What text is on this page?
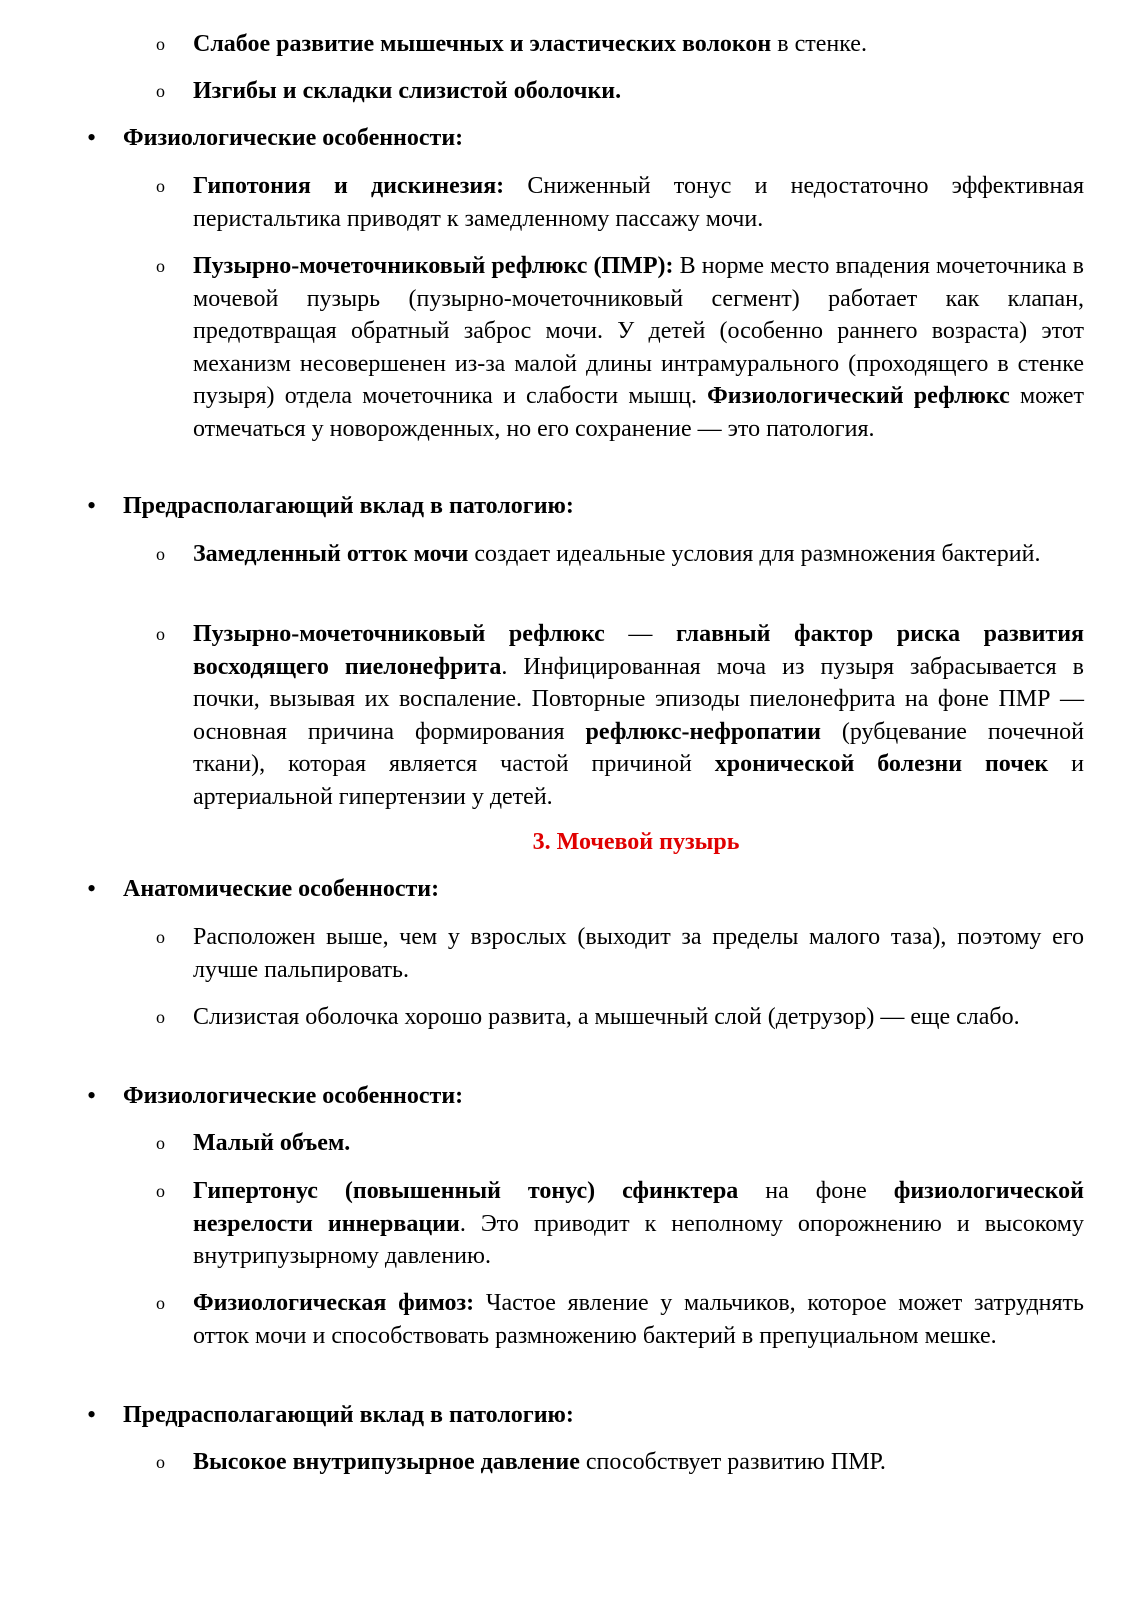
o Слабое развитие мышечных и эластических волокон в стенке.
o Изгибы и складки слизистой оболочки.
•	Физиологические особенности:
o Гипотония и дискинезия: Сниженный тонус и недостаточно эффективная перистальтика приводят к замедленному пассажу мочи.
o Пузырно-мочеточниковый рефлюкс (ПМР): В норме место впадения мочеточника в мочевой пузырь (пузырно-мочеточниковый сегмент) работает как клапан, предотвращая обратный заброс мочи. У детей (особенно раннего возраста) этот механизм несовершенен из-за малой длины интрамурального (проходящего в стенке пузыря) отдела мочеточника и слабости мышц. Физиологический рефлюкс может отмечаться у новорожденных, но его сохранение — это патология.
•	Предрасполагающий вклад в патологию:
o Замедленный отток мочи создает идеальные условия для размножения бактерий.
o Пузырно-мочеточниковый рефлюкс — главный фактор риска развития восходящего пиелонефрита. Инфицированная моча из пузыря забрасывается в почки, вызывая их воспаление. Повторные эпизоды пиелонефрита на фоне ПМР — основная причина формирования рефлюкс-нефропатии (рубцевание почечной ткани), которая является частой причиной хронической болезни почек и артериальной гипертензии у детей.
3. Мочевой пузырь
•	Анатомические особенности:
o Расположен выше, чем у взрослых (выходит за пределы малого таза), поэтому его лучше пальпировать.
o Слизистая оболочка хорошо развита, а мышечный слой (детрузор) — еще слабо.
•	Физиологические особенности:
o Малый объем.
o Гипертонус (повышенный тонус) сфинктера на фоне физиологической незрелости иннервации. Это приводит к неполному опорожнению и высокому внутрипузырному давлению.
o Физиологическая фимоз: Частое явление у мальчиков, которое может затруднять отток мочи и способствовать размножению бактерий в препуциальном мешке.
•	Предрасполагающий вклад в патологию:
o Высокое внутрипузырное давление способствует развитию ПМР.
